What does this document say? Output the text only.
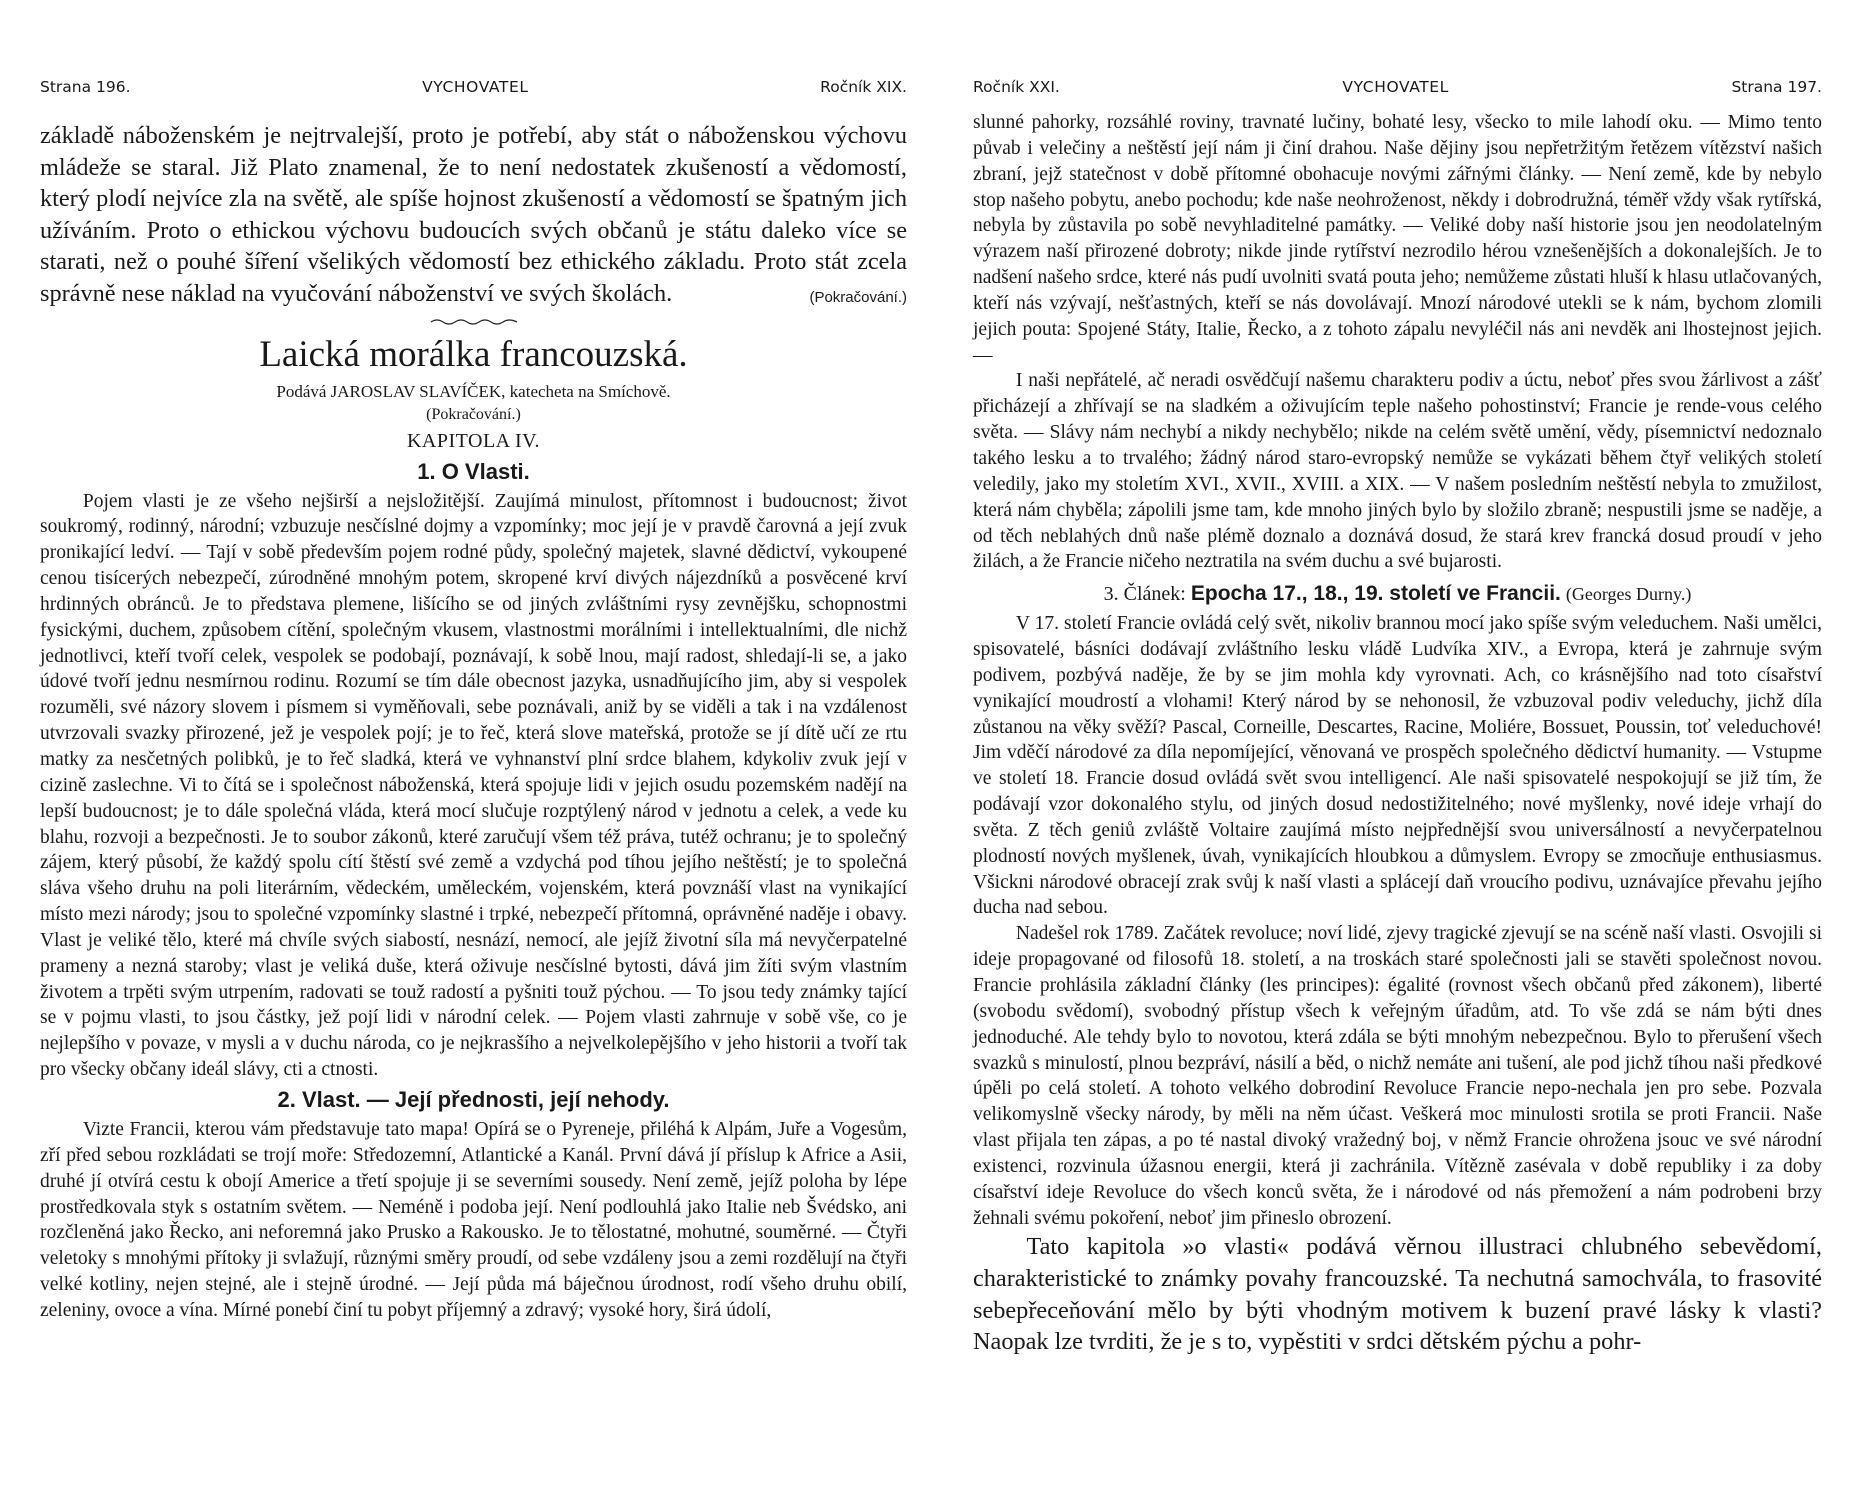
Strana 196.	VYCHOVATEL	Ročník XIX.

základě náboženském je nejtrvalejší, proto je potřebí, aby stát o náboženskou výchovu mládeže se staral. Již Plato znamenal, že to není nedostatek zkušeností a vědomostí, který plodí nejvíce zla na světě, ale spíše hojnost zkušeností a vědomostí se špatným jich užíváním. Proto o ethickou výchovu budoucích svých občanů je státu daleko více se starati, než o pouhé šíření všelikých vědomostí bez ethického základu. Proto stát zcela správně nese náklad na vyučování náboženství ve svých školách.	(Pokračování.)

Laická morálka francouzská.

Podává JAROSLAV SLAVÍČEK, katecheta na Smíchově.

(Pokračování.)

KAPITOLA IV.

1. O Vlasti.

Pojem vlasti je ze všeho nejširší a nejsložitější. Zaujímá minulost, přítomnost i budoucnost; život soukromý, rodinný, národní; vzbuzuje nesčíslné dojmy a vzpomínky; moc její je v pravdě čarovná a její zvuk pronikající ledví. — Tají v sobě především pojem rodné půdy, společný majetek, slavné dědictví, vykoupené cenou tisícerých nebezpečí, zúrodněné mnohým potem, skropené krví divých nájezdníků a posvěcené krví hrdinných obránců. Je to představa plemene, lišícího se od jiných zvláštními rysy zevnějšku, schopnostmi fysickými, duchem, způsobem cítění, společným vkusem, vlastnostmi morálními i intellektualními, dle nichž jednotlivci, kteří tvoří celek, vespolek se podobají, poznávají, k sobě lnou, mají radost, shledají-li se, a jako údové tvoří jednu nesmírnou rodinu. Rozumí se tím dále obecnost jazyka, usnadňujícího jim, aby si vespolek rozuměli, své názory slovem i písmem si vyměňovali, sebe poznávali, aniž by se viděli a tak i na vzdálenost utvrzovali svazky přirozené, jež je vespolek pojí; je to řeč, která slove mateřská, protože se jí dítě učí ze rtu matky za nesčetných polibků, je to řeč sladká, která ve vyhnanství plní srdce blahem, kdykoliv zvuk její v cizině zaslechne. Vi to čítá se i společnost náboženská, která spojuje lidi v jejich osudu pozemském nadějí na lepší budoucnost; je to dále společná vláda, která mocí slučuje rozptýlený národ v jednotu a celek, a vede ku blahu, rozvoji a bezpečnosti. Je to soubor zákonů, které zaručují všem též práva, tutéž ochranu; je to společný zájem, který působí, že každý spolu cítí štěstí své země a vzdychá pod tíhou jejího neštěstí; je to společná sláva všeho druhu na poli literárním, vědeckém, uměleckém, vojenském, která povznáší vlast na vynikající místo mezi národy; jsou to společné vzpomínky slastné i trpké, nebezpečí přítomná, oprávněné naděje i obavy. Vlast je veliké tělo, které má chvíle svých siabostí, nesnází, nemocí, ale jejíž životní síla má nevyčerpatelné prameny a nezná staroby; vlast je veliká duše, která oživuje nesčíslné bytosti, dává jim žíti svým vlastním životem a trpěti svým utrpením, radovati se touž radostí a pyšniti touž pýchou. — To jsou tedy známky tající se v pojmu vlasti, to jsou částky, jež pojí lidi v národní celek. — Pojem vlasti zahrnuje v sobě vše, co je nejlepšího v povaze, v mysli a v duchu národa, co je nejkrasšího a nejvelkolepějšího v jeho historii a tvoří tak pro všecky občany ideál slávy, cti a ctnosti.

2. Vlast. — Její přednosti, její nehody.

Vizte Francii, kterou vám představuje tato mapa! Opírá se o Pyreneje, přiléhá k Alpám, Juře a Vogesům, zří před sebou rozkládati se trojí moře: Středozemní, Atlantické a Kanál. První dává jí příslup k Africe a Asii, druhé jí otvírá cestu k obojí Americe a třetí spojuje ji se severními sousedy. Není země, jejíž poloha by lépe prostředkovala styk s ostatním světem. — Neméně i podoba její. Není podlouhlá jako Italie neb Švédsko, ani rozčleněná jako Řecko, ani neforemná jako Prusko a Rakousko. Je to tělostatné, mohutné, souměrné. — Čtyři veletoky s mnohými přítoky ji svlažují, různými směry proudí, od sebe vzdáleny jsou a zemi rozdělují na čtyři velké kotliny, nejen stejné, ale i stejně úrodné. — Její půda má báječnou úrodnost, rodí všeho druhu obilí, zeleniny, ovoce a vína. Mírné ponebí činí tu pobyt příjemný a zdravý; vysoké hory, širá údolí,

Ročník XXI.	VYCHOVATEL	Strana 197.

slunné pahorky, rozsáhlé roviny, travnaté lučiny, bohaté lesy, všecko to mile lahodí oku. — Mimo tento půvab i velečiny a neštěstí její nám ji činí drahou. Naše dějiny jsou nepřetržitým řetězem vítězství našich zbraní, jejž statečnost v době přítomné obohacuje novými zářnými články. — Není země, kde by nebylo stop našeho pobytu, anebo pochodu; kde naše neohroženost, někdy i dobrodružná, téměř vždy však rytířská, nebyla by zůstavila po sobě nevyhladitelné památky. — Veliké doby naší historie jsou jen neodolatelným výrazem naší přirozené dobroty; nikde jinde rytířství nezrodilo hérou vznešenějších a dokonalejších. Je to nadšení našeho srdce, které nás pudí uvolniti svatá pouta jeho; nemůžeme zůstati hluší k hlasu utlačovaných, kteří nás vzývají, nešťastných, kteří se nás dovolávají. Mnozí národové utekli se k nám, bychom zlomili jejich pouta: Spojené Státy, Italie, Řecko, a z tohoto zápalu nevyléčil nás ani nevděk ani lhostejnost jejich. —

I naši nepřátelé, ač neradi osvědčují našemu charakteru podiv a úctu, neboť přes svou žárlivost a zášť přicházejí a zhřívají se na sladkém a oživujícím teple našeho pohostinství; Francie je rende-vous celého světa. — Slávy nám nechybí a nikdy nechybělo; nikde na celém světě umění, vědy, písemnictví nedoznalo takého lesku a to trvalého; žádný národ staro-evropský nemůže se vykázati během čtyř velikých století veledily, jako my stoletím XVI., XVII., XVIII. a XIX. — V našem posledním neštěstí nebyla to zmužilost, která nám chyběla; zápolili jsme tam, kde mnoho jiných bylo by složilo zbraně; nespustili jsme se naděje, a od těch neblahých dnů naše plémě doznalo a doznává dosud, že stará krev francká dosud proudí v jeho žilách, a že Francie ničeho neztratila na svém duchu a své bujarosti.

3. Článek: Epocha 17., 18., 19. století ve Francii. (Georges Durny.)

V 17. století Francie ovládá celý svět, nikoliv brannou mocí jako spíše svým veleduchem. Naši umělci, spisovatelé, básníci dodávají zvláštního lesku vládě Ludvíka XIV., a Evropa, která je zahrnuje svým podivem, pozbývá naděje, že by se jim mohla kdy vyrovnati. Ach, co krásnějšího nad toto císařství vynikající moudrostí a vlohami! Který národ by se nehonosil, že vzbuzoval podiv veleduchy, jichž díla zůstanou na věky svěží? Pascal, Corneille, Descartes, Racine, Moliére, Bossuet, Poussin, toť veleduchové! Jim vděčí národové za díla nepomíjející, věnovaná ve prospěch společného dědictví humanity. — Vstupme ve století 18. Francie dosud ovládá svět svou intelligencí. Ale naši spisovatelé nespokojují se již tím, že podávají vzor dokonalého stylu, od jiných dosud nedostižitelného; nové myšlenky, nové ideje vrhají do světa. Z těch geniů zvláště Voltaire zaujímá místo nejpřednější svou universálností a nevyčerpatelnou plodností nových myšlenek, úvah, vynikajících hloubkou a důmyslem. Evropy se zmocňuje enthusiasmus. Všickni národové obracejí zrak svůj k naší vlasti a splácejí daň vroucího podivu, uznávajíce převahu jejího ducha nad sebou.

Nadešel rok 1789. Začátek revoluce; noví lidé, zjevy tragické zjevují se na scéně naší vlasti. Osvojili si ideje propagované od filosofů 18. století, a na troskách staré společnosti jali se stavěti společnost novou. Francie prohlásila základní články (les principes): égalité (rovnost všech občanů před zákonem), liberté (svobodu svědomí), svobodný přístup všech k veřejným úřadům, atd. To vše zdá se nám býti dnes jednoduché. Ale tehdy bylo to novotou, která zdála se býti mnohým nebezpečnou. Bylo to přerušení všech svazků s minulostí, plnou bezpráví, násilí a běd, o nichž nemáte ani tušení, ale pod jichž tíhou naši předkové úpěli po celá století. A tohoto velkého dobrodiní Revoluce Francie nepo-nechala jen pro sebe. Pozvala velikomyslně všecky národy, by měli na něm účast. Veškerá moc minulosti srotila se proti Francii. Naše vlast přijala ten zápas, a po té nastal divoký vražedný boj, v němž Francie ohrožena jsouc ve své národní existenci, rozvinula úžasnou energii, která ji zachránila. Vítězně zasévala v době republiky i za doby císařství ideje Revoluce do všech konců světa, že i národové od nás přemožení a nám podrobeni brzy žehnali svému pokoření, neboť jim přineslo obrození.

Tato kapitola »o vlasti« podává věrnou illustraci chlubného sebevědomí, charakteristické to známky povahy francouzské. Ta nechutná samochvála, to frasovité sebepřeceňování mělo by býti vhodným motivem k buzení pravé lásky k vlasti? Naopak lze tvrditi, že je s to, vypěstiti v srdci dětském pýchu a pohr-
